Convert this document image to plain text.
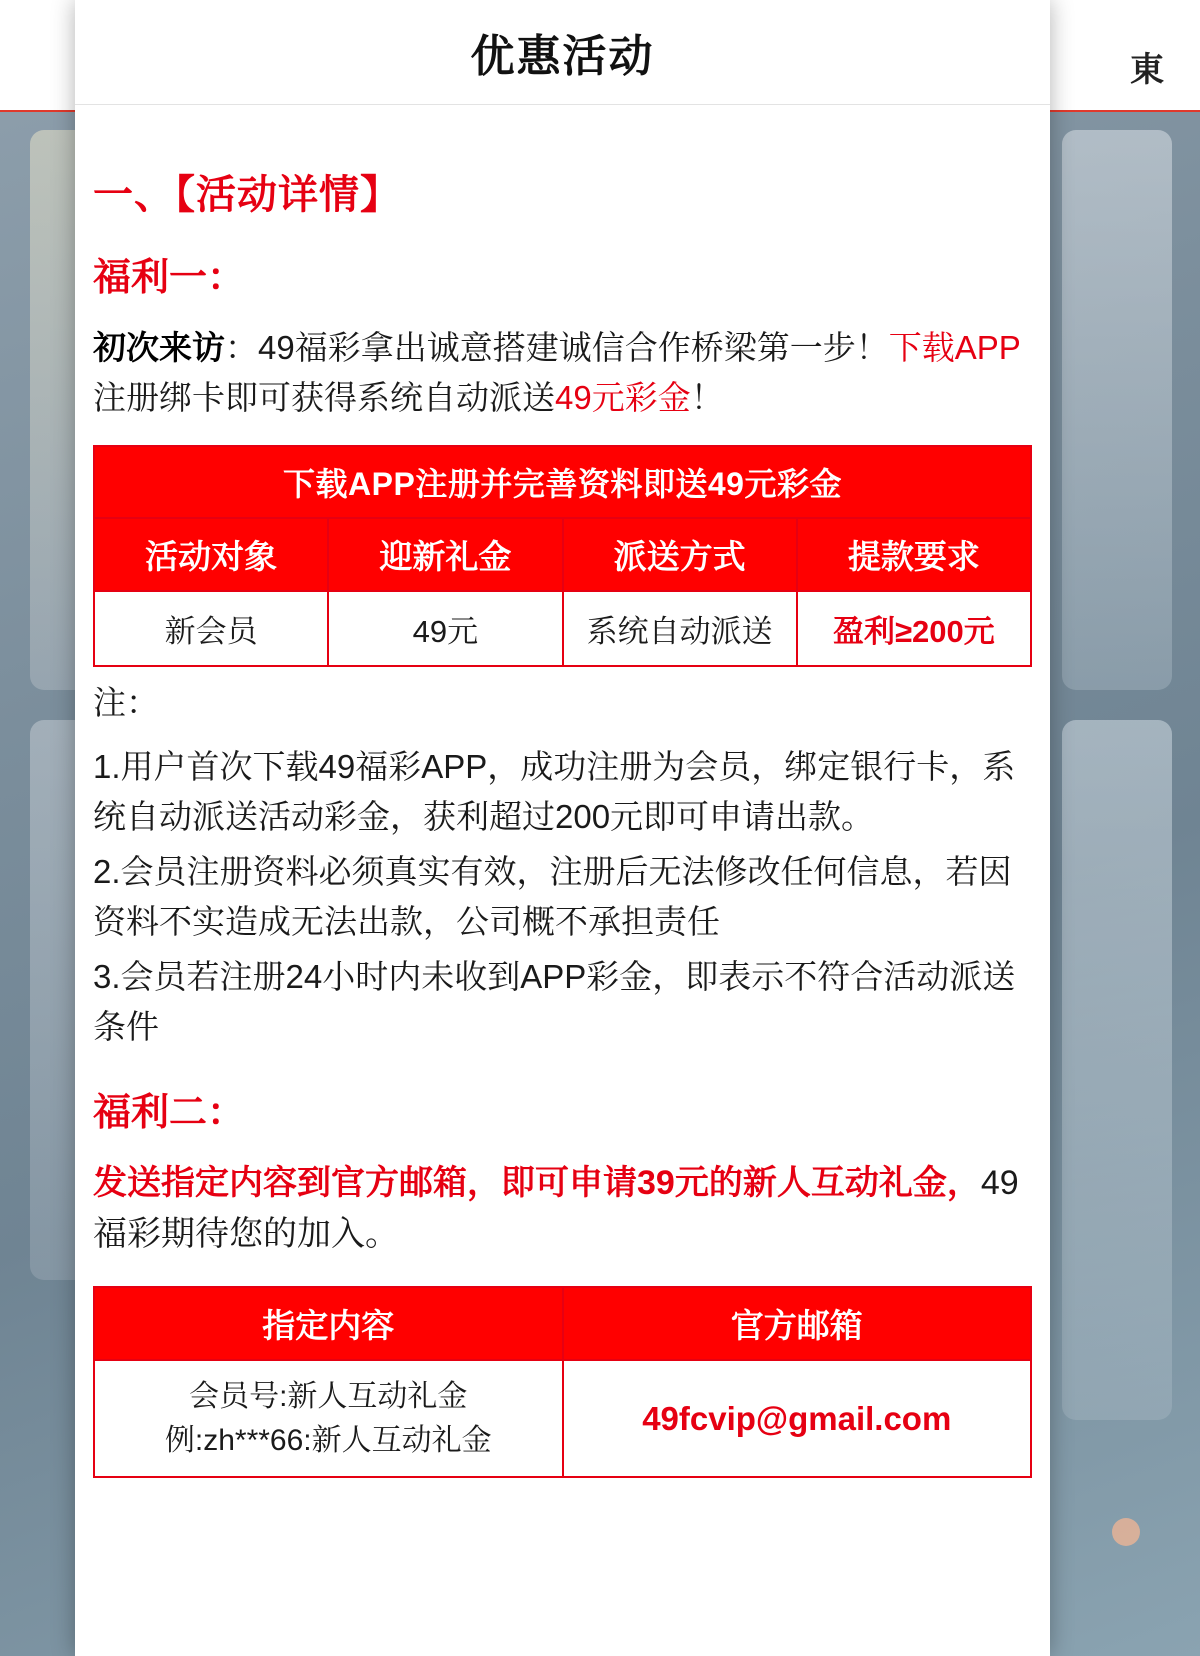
東
优惠活动
一、【活动详情】
福利一：

初次来访：49福彩拿出诚意搭建诚信合作桥梁第一步！下载APP注册绑卡即可获得系统自动派送49元彩金！

下载APP注册并完善资料即送49元彩金			
活动对象	迎新礼金	派送方式	提款要求
新会员	49元	系统自动派送	盈利≥200元
注：

1.用户首次下载49福彩APP，成功注册为会员，绑定银行卡，系统自动派送活动彩金，获利超过200元即可申请出款。

2.会员注册资料必须真实有效，注册后无法修改任何信息，若因资料不实造成无法出款，公司概不承担责任

3.会员若注册24小时内未收到APP彩金，即表示不符合活动派送条件

福利二：

发送指定内容到官方邮箱，即可申请39元的新人互动礼金，49福彩期待您的加入。

指定内容	官方邮箱

会员号:新人互动礼金
例:zh***66:新人互动礼金	49fcvip@gmail.com
